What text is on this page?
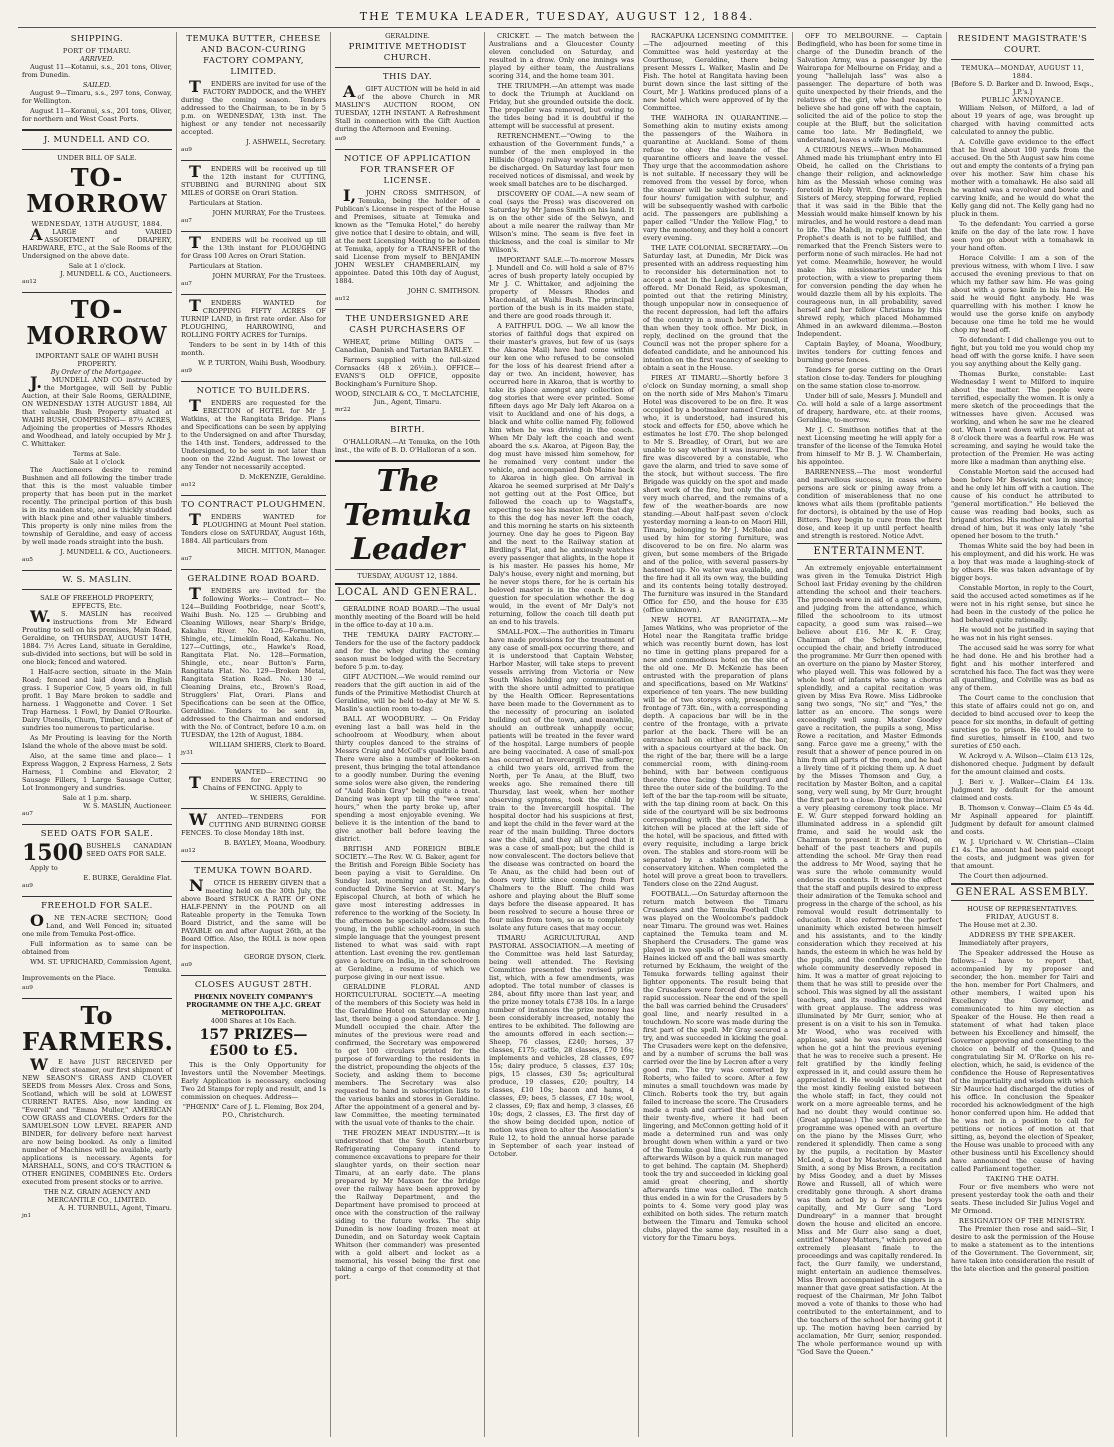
THE TEMUKA LEADER, TUESDAY, AUGUST 12, 1884.
SHIPPING.
PORT OF TIMARU.
ARRIVED.
August 11—Kotanui, s.s., 201 tons, Oliver, from Dunedin.
SAILED.
August 9—Timaru, s.s., 297 tons, Conway, for Wellington.
August 11—Koranui, s.s., 201 tons, Oliver, for northern and West Coast Ports.
J. MUNDELL AND CO.
UNDER BILL OF SALE.
TO-MORROW
WEDNESDAY, 13TH AUGUST, 1884.
ALARGE and VARIED ASSORTMENT of DRAPERY, HARDWARE, ETC., at the Sale Rooms of the Undersigned on the above date.
Sale at 1 o'clock.
J. MUNDELL & CO., Auctioneers.
au12
TO-MORROW
IMPORTANT SALE OF WAIHI BUSH PROPERTY.
By Order of the Mortgagee.
J.MUNDELL AND CO instructed by the Mortgagee, will Sell by Public Auction, at their Sale Rooms, GERALDINE, ON WEDNESDAY 13TH AUGUST 1884, All that valuable Bush Property situated at WAIHI BUSH, COMPRISING— 87½ ACRES, Adjoining the properties of Messrs Rhodes and Woodhead, and lately occupied by Mr J. C. Whittaker.
Terms at Sale.
Sale at 1 o'clock
The Auctioneers desire to remind Bushmen and all following the timber trade that this is the most valuable timber property that has been put in the market recently. The principal portion of this bush is in its maiden state, and is thickly studded with black pine and other valuable timbers. This property is only nine miles from the township of Geraldine, and easy of access by well made roads straight into the bush.
J. MUNDELL & CO., Auctioneers.
au5
W. S. MASLIN.
SALE OF FREEHOLD PROPERTY, EFFECTS, Etc.
W.S. MASLIN has received instructions from Mr Edward Prouting to sell on his premises, Main Road, Geraldine, on THURSDAY, AUGUST 14TH, 1884. 7½ Acres Land, situate in Geraldine, sub-divided into sections, but will be sold in one block; fenced and watered.
1 Half-acre section, situate in the Main Road; fenced and laid down in English grass. 1 Superior Cow, 5 years old, in full profit. 1 Bay Mare broken to saddle and harness. 1 Waggonette and Cover. 1 Set Trap Harness. 1 Fowl, by Daniel O'Rourke. Dairy Utensils, Churn, Timber, and a host of sundries too numerous to particularise.
As Mr Prouting is leaving for the North Island the whole of the above must be sold.
Also, at the same time and place— 1 Express Waggon, 2 Express Harness, 2 Sets Harness, 1 Combine and Elevator, 2 Sausage Fillers, 1 Large Sausage Cutter, Lot Ironmongery and sundries.
Sale at 1 p.m. sharp.
W. S. MASLIN, Auctioneer.
au7
SEED OATS FOR SALE.
1500 BUSHELS CANADIAN SEED OATS FOR SALE.
Apply to
E. BURKE, Geraldine Flat.
au9
FREEHOLD FOR SALE.
ONE TEN-ACRE SECTION; Good Land, and Well Fenced in; situated one mile from Temuka Post-office.
Full information as to same can be obtained from
WM. ST. UPRICHARD, Commission Agent, Temuka.
Improvements on the Place.
au9
To FARMERS.
WE have JUST RECEIVED per direct steamer, our first shipment of NEW SEASON'S GRASS AND CLOVER SEEDS from Messrs Alex. Cross and Sons, Scotland, which will be sold at LOWEST CURRENT RATES. Also, now landing ex "Everell" and "Emma Muller," AMERICAN COW GRASS and CLOVERS. Orders for the SAMUELSON LOW LEVEL REAPER AND BINDER, for delivery before next harvest are now being booked. As only a limited number of Machines will be available, early applications is necessary. Agents for MARSHALL, SONS, and CO'S TRACTION & OTHER ENGINES, COMBINES Etc. Orders executed from present stocks or to arrive.
THE N.Z. GRAIN AGENCY AND MERCANTILE CO., LIMITED.
A. H. TURNBULL, Agent, Timaru.
jn1
TEMUKA BUTTER, CHEESE AND BACON-CURING FACTORY COMPANY, LIMITED.
TENDERS are invited for use of the FACTORY PADDOCK, and the WHEY during the coming season. Tenders addressed to the Chairman, to be in by 5 p.m. on WEDNESDAY, 13th inst. The highest or any tender not necessarily accepted.
J. ASHWELL, Secretary.
au9
TENDERS will be received up till the 12th instant for CUTTING, STUBBING and BURNING about SIX MILES of GORSE on Orari Station.
Particulars at Station.
JOHN MURRAY, For the Trustees.
au7
TENDERS will be received up till the 13th instant for PLOUGHING for Grass 100 Acres on Orari Station.
Particulars at Station.
JOHN MURRAY, For the Trustees.
au7
TENDERS WANTED for CROPPING FIFTY ACRES OF TURNIP LAND, in first rate order. Also for PLOUGHING, HARROWING, and ROLLING FORTY ACRES for Turnips.
Tenders to be sent in by 14th of this month.
W. P. TURTON, Waihi Bush, Woodbury.
au9
NOTICE TO BUILDERS.
TENDERS are requested for the ERECTION of HOTEL for Mr J. Watkins, at the Rangitata Bridge. Plans and Specifications can be seen by applying to the Undersigned on and after Thursday, the 14th inst. Tenders, addressed to the Undersigned, to be sent in not later than noon on the 22nd August. The lowest or any Tender not necessarily accepted.
D. McKENZIE, Geraldine.
au12
TO CONTRACT PLOUGHMEN.
TENDERS WANTED for PLOUGHING at Mount Peel station. Tenders close on SATURDAY, August 16th, 1884. All particulars from
MICH. MITTON, Manager.
au7
GERALDINE ROAD BOARD.
TENDERS are invited for the following Works:— Contract— No. 124—Building Footbridge, near Scott's, Waihi Bush. No. 125 — Grubbing and Cleaning Willows, near Sharp's Bridge, Kakahu River. No. 126—Formation, Shingle, etc., Limekiln Road, Kakahu. No. 127—Cuttings, etc., Hawke's Road, Rangitata Flat. No. 128—Formation, Shingle, etc., near Button's Farm, Rangitata Flat. No. 129—Broken Metal, Rangitata Station Road. No. 130 — Cleaning Drains, etc., Brown's Road, Strugglers' Flat, Orari. Plans and Specifications can be seen at the Office, Geraldine. Tenders to be sent in, addressed to the Chairman and endorsed with the No. of Contract, before 10 a.m. on TUESDAY, the 12th of August, 1884.
WILLIAM SHIERS, Clerk to Board.
jy31
WANTED—
TENDERS for ERECTING 90 Chains of FENCING. Apply to
W. SHIERS, Geraldine.
WANTED—TENDERS FOR CUTTING AND BURNING GORSE FENCES. To close Monday 18th inst.
B. BAYLEY, Moana, Woodbury.
au12
TEMUKA TOWN BOARD.
NOTICE IS HEREBY GIVEN that a meeting held on the 30th July, the above Board STRUCK A RATE OF ONE HALF-PENNY in the POUND on all Rateable property in the Temuka Town Board District, and the same will be PAYABLE on and after August 26th, at the Board Office. Also, the ROLL is now open for inspection.
GEORGE DYSON, Clerk.
au9
CLOSES AUGUST 28TH.
PHŒNIX NOVELTY COMPANY'S PROGRAMME ON THE A.J.C. GREAT METROPOLITAN.
4000 Shares at 10s Each.
157 PRIZES—£500 to £5.
This is the Only Opportunity for Investors until the November Meetings. Early Application is necessary, enclosing Two 2d Stamps for reply and result, and 1s commission on cheques. Address—
"PHŒNIX" Care of J. L. Fleming, Box 204, P.O., Christchurch.
GERALDINE.
PRIMITIVE METHODIST CHURCH.
THIS DAY.
AGIFT AUCTION will be held in aid of the above Church in MR MASLIN'S AUCTION ROOM, ON TUESDAY, 12TH INSTANT. A Refreshment Stall in connection with the Gift Auction during the Afternoon and Evening.
au9
NOTICE OF APPLICATION FOR TRANSFER OF LICENSE.
I,JOHN CROSS SMITHSON, of Temuka, being the holder of a Publican's License in respect of the House and Premises, situate at Temuka and known as the "Temuka Hotel," do hereby give notice that I desire to obtain, and will, at the next Licensing Meeting to be holden at Temuka, apply for a TRANSFER of the said License from myself to BENJAMIN JOHN WESLEY CHAMBERLAIN, my appointee. Dated this 10th day of August, 1884.
JOHN C. SMITHSON.
au12
THE UNDERSIGNED ARE CASH PURCHASERS OF
WHEAT, prime Milling OATS — Canadian, Danish and Tartarian BARLEY.
Farmers supplied with the full-sized Cornsacks (48 x 26½in.). OFFICE—EVANS'S OLD OFFICE, opposite Bockingham's Furniture Shop.
WOOD, SINCLAIR & CO., T. McCLATCHIE, Jun., Agent, Timaru.
mr22
BIRTH.
O'HALLORAN.—At Temuka, on the 10th inst., the wife of B. D. O'Halloran of a son.
The Temuka Leader
TUESDAY, AUGUST 12, 1884.
LOCAL AND GENERAL.
GERALDINE ROAD BOARD.—The usual monthly meeting of the Board will be held in the office to-day at 10 a.m.
THE TEMUKA DAIRY FACTORY.—Tenders for the use of the factory paddock and for the whey during the coming season must be lodged with the Secretary before 5 p.m. to-day.
GIFT AUCTION.—We would remind our readers that the gift auction in aid of the funds of the Primitive Methodist Church at Geraldine, will be held to-day at Mr W. S. Maslin's auction room to-day.
BALL AT WOODBURY. — On Friday evening last a ball was held in the schoolroom at Woodbury, when about thirty couples danced to the strains of Messrs Craig and McColl's quadrille band. There were also a number of lookers-on present, thus bringing the total attendance to a goodly number. During the evening some solos were also given, the rendering of "Auld Robin Gray" being quite a treat. Dancing was kept up till the "wee sma' hours," when the party broke up, after spending a most enjoyable evening. We believe it is the intention of the band to give another ball before leaving the district.
BRITISH AND FOREIGN BIBLE SOCIETY.—The Rev. W. G. Baker, agent for the British and Foreign Bible Society has been paying a visit to Geraldine. On Sunday last, morning and evening, he conducted Divine Service at St. Mary's Episcopal Church, at both of which he gave most interesting addresses in reference to the working of the Society. In the afternoon he specially addressed the young, in the public school-room, in such simple language that the youngest present listened to what was said with rapt attention. Last evening the rev. gentleman gave a lecture on India, in the schoolroom at Geraldine, a resume of which we purpose giving in our next issue.
GERALDINE FLORAL AND HORTICULTURAL SOCIETY.—A meeting of the members of this Society was held in the Geraldine Hotel on Saturday evening last, there being a good attendance. Mr J. Mundell occupied the chair. After the minutes of the previous were read and confirmed, the Secretary was empowered to get 100 circulars printed for the purpose of forwarding to the residents in the district, propounding the objects of the Society, and asking them to become members. The Secretary was also requested to hand in subscription lists to the various banks and stores in Geraldine. After the appointment of a general and by-law Committee, the meeting terminated with the usual vote of thanks to the chair.
THE FROZEN MEAT INDUSTRY.—It is understood that the South Canterbury Refrigerating Company intend to commence excavations to prepare for their slaughter yards, on their section near Timaru, at an early date. The plans prepared by Mr Maxson for the bridge over the railway have been approved by the Railway Department, and the Department have promised to proceed at once with the construction of the railway siding to the future works. The ship Dunedin is now loading frozen meat at Dunedin, and on Saturday week Captain Whitson (her commander) was presented with a gold albert and locket as a memorial, his vessel being the first one taking a cargo of that commodity at that port.
CRICKET. — The match between the Australians and a Gloucester County eleven concluded on Saturday, and resulted in a draw. Only one innings was played by either team, the Australians scoring 314, and the home team 301.
THE TRIUMPH.—An attempt was made to dock the Triumph at Auckland on Friday, but she grounded outside the dock. The propeller was removed, but owing to the tides being bad it is doubtful if the attempt will be successful at present.
RETRENCHMENT.—"Owing to the exhaustion of the Government funds," a number of the men employed in the Hillside (Otago) railway workshops are to be discharged. On Saturday last four men received notices of dismissal, and week by week small batches are to be discharged.
DISCOVERY OF COAL.—A new seam of coal (says the Press) was discovered on Saturday by Mr James Smith on his land. It is on the other side of the Selwyn, and about a mile nearer the railway than Mr Wilson's mine. The seam is five feet in thickness, and the coal is similar to Mr Wilson's.
IMPORTANT SALE.—To-morrow Messrs J. Mundell and Co. will hold a sale of 87½ acres of bush property lately occupied by Mr J. C. Whittaker, and adjoining the property of Messrs Rhodes and Macdonald, at Waihi Bush. The principal portion of the bush is in its maiden state, and there are good roads through it.
A FAITHFUL DOG. — We all know the stories of faithful dogs that expired on their master's graves, but few of us (says the Akaroa Mail) have had come within our ken one who refused to be consoled for the loss of his dearest friend after a day or two. An incident, however, has occurred here in Akaroa, that is worthy to take its place amongst any collection of dog stories that were ever printed. Some fifteen days ago Mr Daly left Akaroa on a visit to Auckland and one of his dogs, a black and white collie named Fly, followed him when he was driving in the coach. When Mr Daly left the coach and went aboard the s.s. Akaroa, at Pigeon Bay, the dog must have missed him somehow, for he remained very content under the vehicle, and accompanied Bob Maine back to Akaroa in high glee. On arrival in Akaroa he seemed surprised at Mr Daly's not getting out at the Post Office, but followed the coach up to Wagstaff's, expecting to see his master. From that day to this the dog has never left the coach, and this morning he starts on his sixteenth journey. One day he goes to Pigeon Bay and the next to the Railway station at Birdling's Flat, and he anxiously watches every passenger that alights, in the hope it is his master. He passes his home, Mr Daly's house, every night and morning, but he never stops there, for he is certain his beloved master is in the coach. It is a question for speculation whether the dog would, in the event of Mr Daly's not returning, follow the coach till death put an end to his travels.
SMALL-POX.—The authorities in Timaru have made provisions for the treatment of any case of small-pox occurring there, and it is understood that Captain Webster, Harbor Master, will take steps to prevent vessels arriving from Victoria or New South Wales holding any communication with the shore until admitted to pratique by the Health Officer. Representations have been made to the Government as to the necessity of procuring an isolated building out of the town, and meanwhile, should an outbreak unhappily occur, patients will be treated in the fever ward of the hospital. Large numbers of people are being vaccinated. A case of small-pox has occurred at Invercargill. The sufferer, a child two years old, arrived from the North, per Te Anau, at the Bluff, two weeks ago. She remained there till Thursday, last week, when her mother observing symptoms, took the child by train to the Invercargill hospital. The hospital doctor had his suspicions at first, and kept the child in the fever ward at the rear of the main building. Three doctors saw the child, and they all agreed that it was a case of small-pox; but the child is now convalescent. The doctors believe that the disease was contracted on board the Te Anau, as the child had been out of doors very little since coming from Port Chalmers to the Bluff. The child was ashore and playing about the Bluff some days before the disease appeared. It has been resolved to secure a house three or four miles from town, so as to completely isolate any future cases that may occur.
TIMARU AGRICULTURAL AND PASTORAL ASSOCIATION.—A meeting of the Committee was held last Saturday, being well attended. The Revising Committee presented the revised prize list, which, with a few amendments, was adopted. The total number of classes is 284, about fifty more than last year, and the prize money totals £738 10s. In a large number of instances the prize money has been considerably increased, notably the entires to be exhibited. The following are the amounts offered in each section:—Sheep, 76 classes, £240; horses, 37 classes, £175; cattle, 28 classes, £70 16s; implements and vehicles, 28 classes, £97 15s; dairy produce, 5 classes, £37 10s; pigs, 15 classes, £30 5s; agricultural produce, 19 classes, £20; poultry, 14 classes, £10 10s; bacon and hams, 4 classes, £9; bees, 5 classes, £7 10s; wool, 2 classes, £9; flax and hemp, 3 classes, £6 10s; dogs, 2 classes, £3. The first day of the show being decided upon, notice of motion was given to alter the Association's Rule 12, to hold the annual horse parade in September of each year instead of October.
RACKAPUKA LICENSING COMMITTEE.—The adjourned meeting of this Committee was held yesterday at the Courthouse, Geraldine, there being present Messrs L. Walker, Maslin and De Fish. The hotel at Rangitata having been burnt down since the last sitting of the Court, Mr J. Watkins produced plans of a new hotel which were approved of by the Committee.
THE WAIHORA IN QUARANTINE.—Something akin to mutiny exists among the passengers of the Waihora in quarantine at Auckland. Some of them refuse to obey the mandate of the quarantine officers and leave the vessel. They urge that the accommodation ashore is not suitable. If necessary they will be removed from the vessel by force, when the steamer will be subjected to twenty-four hours' fumigation with sulphur, and will be subsequently washed with carbolic acid. The passengers are publishing a paper called "Under the Yellow Flag," to vary the monotony, and they hold a concert every evening.
THE LATE COLONIAL SECRETARY.—On Saturday last, at Dunedin, Mr Dick was presented with an address requesting him to reconsider his determination not to accept a seat in the Legislative Council, if offered. Mr Donald Reid, as spokesman, pointed out that the retiring Ministry, though unpopular now in consequence of the recent depression, had left the affairs of the country in a much better position than when they took office. Mr Dick, in reply, declined on the ground that the Council was not the proper sphere for a defeated candidate, and he announced his intention on the first vacancy of seeking to obtain a seat in the House.
FIRES AT TIMARU.—Shortly before 3 o'clock on Sunday morning, a small shop on the north side of Mrs Mahon's Timaru Hotel was discovered to be on fire. It was occupied by a bootmaker named Cranston, who, it is understood, had insured his stock and effects for £50, above which he estimates he lost £70. The shop belonged to Mr S. Breadley, of Orari, but we are unable to say whether it was insured. The fire was discovered by a constable, who gave the alarm, and tried to save some of the stock, but without success. The fire Brigade was quickly on the spot and made short work of the fire, but only the studs, very much charred, and the remains of a few of the weather-boards are now standing.—About half-past seven o'clock yesterday morning a lean-to on Maori Hill, Timaru, belonging to Mr J. McRobie and used by him for storing furniture, was discovered to be on fire. No alarm was given, but some members of the Brigade and of the police, with several passers-by hastened up. No water was available, and the fire had it all its own way, the building and its contents being totally destroyed. The furniture was insured in the Standard Office for £50, and the house for £35 (office unknown).
NEW HOTEL AT RANGITATA.—Mr James Watkins, who was proprietor of the Hotel near the Rangitata traffic bridge which was recently burnt down, has lost no time in getting plans prepared for a new and commodious hotel on the site of the old one. Mr D. McKenzie has been entrusted with the preparation of plans and specifications, based on Mr Watkins' experience of ten years. The new building will be of two storeys only, presenting a frontage of 73ft. 6in., with a corresponding depth. A capacious bar will be in the centre of the frontage, with a private parlor at the back. There will be an entrance hall on either side of the bar, with a spacious courtyard at the back. On the right of the bar, there will be a large commercial room, with dining-room behind, with bar between contiguous thereto three facing the courtyard and three the outer side of the building. To the left of the bar the tap-room will be situate, with the tap dining room at back. On this side of the courtyard will be six bedrooms corresponding with the other side. The kitchen will be placed at the left side of the hotel, will be spacious, and fitted with every requisite, including a large brick oven. The stables and store-room will be separated by a stable room with a conservatory kitchen. When completed the hotel will prove a great boon to travellers. Tenders close on the 22nd August.
FOOTBALL.—On Saturday afternoon the return match between the Timaru Crusaders and the Temuka Football Club was played on the Woolcombe's paddock near Timaru. The ground was wet. Haines captained the Temuka team and M. Shepherd the Crusaders. The game was played in two spells of 40 minutes each. Haines kicked off and the ball was smartly returned by Eckhaum, the weight of the Temuka forwards telling against their lighter opponents. The result being that the Crusaders were forced down twice in rapid succession. Near the end of the spell the ball was carried behind the Crusaders' goal line, and nearly resulted in a touchdown. No score was made during the first part of the spell. Mr Gray secured a try, and was succeeded in kicking the goal. The Crusaders were kept on the defensive, and by a number of scrums the ball was carried over the line by Lecren after a very good run. The try was converted by Roberts, who failed to score. After a few minutes a small touchdown was made by Clinch. Roberts took the try, but again failed to increase the score. The Crusaders made a rush and carried the ball out of their twenty-five, where it had been lingering, and McConnon getting hold of it made a determined run and was only brought down when within a yard or two of the Temuka goal line. A minute or two afterwards Wilson by a quick run managed to get behind. The captain (M. Shepherd) took the try and succeeded in kicking goal amid great cheering, and shortly afterwards time was called. The match thus ended in a win for the Crusaders by 5 points to 4. Some very good play was exhibited on both sides. The return match between the Timaru and Temuka school clubs, played the same day, resulted in a victory for the Timaru boys.
OFF TO MELBOURNE. — Captain Bedingfield, who has been for some time in charge of the Dunedin branch of the Salvation Army, was a passenger by the Wairarapa for Melbourne on Friday, and a young "hallelujah lass" was also a passenger. The departure of both was quite unexpected by their friends, and the relatives of the girl, who had reason to believe she had gone off with the captain, solicited the aid of the police to stop the couple at the Bluff, but the solicitation came too late. Mr Bedingfield, we understand, leaves a wife in Dunedin.
A CURIOUS NEWS.—When Mohammed Ahmed made his triumphant entry into El Obeid, he called on the Christians to change their religion, and acknowledge him as the Messiah whose coming was foretold in Holy Writ. One of the French Sisters of Mercy, stepping forward, replied that it was said in the Bible that the Messiah would make himself known by his miracles, and he would restore a dead man to life. The Mahdi, in reply, said that the Prophet's death is not to be fulfilled, and remarked that the French Sisters were to perform none of such miracles. He had not yet come. Meanwhile, however, he would make his missionaries under his protection, with a view to preparing them for conversion pending the day when he would dazzle them all by his exploits. The courageous nun, in all probability, saved herself and her fellow Christians by this shrewd reply, which placed Mohammed Ahmed in an awkward dilemma.—Boston Independent.
Captain Bayley, of Moana, Woodbury, invites tenders for cutting fences and burning gorse fences.
Tenders for gorse cutting on the Orari station close to-day. Tenders for ploughing on the same station close to-morrow.
Under bill of sale, Messrs J. Mundell and Co. will hold a sale of a large assortment of drapery, hardware, etc. at their rooms, Geraldine, to-morrow.
Mr J. C. Smithson notifies that at the next Licensing meeting he will apply for a transfer of the license of the Temuka Hotel from himself to Mr B. J. W. Chamberlain, his appointee.
BARRENNESS.—The most wonderful and marvellous success, in cases where persons are sick or pining away from a condition of miserableness that no one knows what ails them (profitable patients for doctors), is obtained by the use of Hop Bitters. They begin to cure from the first dose, and keep it up until perfect health and strength is restored. Notice Advt.
ENTERTAINMENT.
An extremely enjoyable entertainment was given in the Temuka District High School last Friday evening by the children attending the school and their teachers. The proceeds were in aid of a gymnasium, and judging from the attendance, which filled the schoolroom to its utmost capacity, a good sum was raised—we believe about £16. Mr K. F. Gray, Chairman of the School Committee, occupied the chair, and briefly introduced the programme. Mr Gurr then opened with an overture on the piano by Master Storey, who played well. This was followed by a whole host of infants who sang a chorus splendidly, and a capital recitation was given by Miss Eva Rowe. Miss Lidbrooke sang two songs, "No sir," and "Yes," the latter as an encore. The songs were exceedingly well sung. Master Goodey gave a recitation, the pupils a song, Miss Rowe a recitation, and Master Edmonds sang. Farce gave me a greeny," with the result that a shower of pence poured in on him from all parts of the room, and he had a lively time of it picking them up. A duet by the Misses Thomson and Guy, a recitation by Master Bolton, and a capital song, very well sung, by Mr Gurr, brought the first part to a close. During the interval a very pleasing ceremony took place. Mr E. W. Gurr stepped forward holding an illuminated address in a splendid gilt frame, and said he would ask the Chairman to present it to Mr Wood, on behalf of the past teachers and pupils attending the school. Mr Gray then read the address to Mr Wood, saying that he was sure the whole community would endorse its contents. It was to the effect that the staff and pupils desired to express their admiration of the Temuka school and progress in the charge of the school, as his removal would result detrimentally to education. It also referred to the perfect unanimity which existed between himself and his assistants, and to the kindly consideration which they received at his hands, the esteem in which he was held by the pupils, and the confidence which the whole community deservedly reposed in him. It was a matter of great rejoicing to them that he was still to preside over the school. This was signed by all the assistant teachers, and its reading was received with great applause. The address was illuminated by Mr Gurr, senior, who at present is on a visit to his son in Temuka. Mr Wood, who was received with applause, said he was much surprised when he got a hint the previous evening that he was to receive such a present. He felt gratified by the kindly feeling expressed in it, and could assure them he appreciated it. He would like to say that the most kindly feeling existed between the whole staff; in fact, they could not work on a more agreeable terms, and he had no doubt they would continue so. (Great applause.) The second part of the programme was opened with an overture on the piano by the Misses Gurr, who rendered it splendidly. Then came a song by the pupils, a recitation by Master McLeod, a duet by Masters Edmonds and Smith, a song by Miss Brown, a recitation by Miss Goodey, and a duet by Misses Rowe and Russell, all of which were creditably gone through. A short drama was then acted by a few of the boys capitally, and Mr Gurr sang "Lord Dundreary" in a manner that brought down the house and elicited an encore. Miss and Mr Gurr also sang a duet, entitled "Money Matters," which proved an extremely pleasant finale to the proceedings and was capitally rendered. In fact, the Gurr family, we understand, might entertain an audience themselves. Miss Brown accompanied the singers in a manner that gave great satisfaction. At the request of the Chairman, Mr John Talbot moved a vote of thanks to those who had contributed to the entertainment, and to the teachers of the school for having got it up. The motion having been carried by acclamation, Mr Gurr, senior, responded. The whole performance wound up with "God Save the Queen."
RESIDENT MAGISTRATE'S COURT.
TEMUKA—MONDAY, AUGUST 11, 1884.
[Before S. D. Barker and D. Inwood, Esqs., J.P.'s.]
PUBLIC ANNOYANCE.
William Nelson, of Milford, a lad of about 19 years of age, was brought up charged with having committed acts calculated to annoy the public.
A. Colville gave evidence to the effect that he lived about 100 yards from the accused. On the 5th August saw him come out and empty the contents of a frying pan over his mother. Saw him chase his mother with a tomahawk. He also said all he wanted was a revolver and bowie and carving knife, and he would do what the Kelly gang did not. The Kelly gang had no pluck in them.
To the defendant: You carried a gorse knife on the day of the late row. I have seen you go about with a tomahawk in your hand often.
Horace Colville: I am a son of the previous witness, with whom I live. I saw accused the evening previous to that on which my father saw him. He was going about with a gorse knife in his hand. He said he would fight anybody. He was quarrelling with his mother. I know he would use the gorse knife on anybody because one time he told me he would chop my head off.
To defendant: I did challenge you out to fight, but you told me you would chop my head off with the gorse knife. I have seen you say anything about the Kelly gang.
Thomas Burke, constable: Last Wednesday I went to Milford to inquire about the matter. The people were terrified, especially the women. It is only a mere sketch of the proceedings that the witnesses have given. Accused was working, and when he saw me he cleared out. When I went down with a warrant at 8 o'clock there was a fearful row. He was screaming, and saying he would take the protection of the Premier. He was acting more like a madman than anything else.
Constable Morton said the accused had been before Mr Beswick not long since; and he only let him off with a caution. The cause of his conduct he attributed to "general mortification." He believed the cause was reading bad books, such as brigand stories. His mother was in mortal dread of him, but it was only lately "she opened her bosom to the truth."
Thomas White said the boy had been in his employment, and did his work. He was a boy that was made a laughing-stock of by others. He was taken advantage of by bigger boys.
Constable Morton, in reply to the Court, said the accused acted sometimes as if he were not in his right sense, but since he had been in the custody of the police he had behaved quite rationally.
He would not be justified in saying that he was not in his right senses.
The accused said he was sorry for what he had done. He and his brother had a fight and his mother interfered and scratched his face. The fact was they were all quarelling, and Colville was as bad as any of them.
The Court came to the conclusion that this state of affairs could not go on, and decided to bind accused over to keep the peace for six months, in default of getting sureties go to prison. He would have to find sureties, himself in £100, and two sureties of £50 each.
W. Ackroyd v. A. Wilson—Claim £13 12s, dishonored cheque. Judgment by default for the amount claimed and costs.
J. Beri v. J. Walker—Claim £4 13s. Judgment by default for the amount claimed and costs.
B. Thomson v. Conway—Claim £5 4s 4d. Mr Aspinall appeared for plaintiff. Judgment by default for amount claimed and costs.
W. J. Uprichard v. W. Christian—Claim £1 4s. The amount had been paid except the costs, and judgment was given for that amount.
The Court then adjourned.
GENERAL ASSEMBLY.
HOUSE OF REPRESENTATIVES.
FRIDAY, AUGUST 8.
The House met at 2.30.
ADDRESS BY THE SPEAKER.
Immediately after prayers,
The Speaker addressed the House as follows:—I have to report that, accompanied by my proposer and seconder, the hon. member for Tairi and the hon. member for Port Chalmers, and other members, I waited upon his Excellency the Governor, and communicated to him my election as Speaker of the House. He then read a statement of what had taken place between his Excellency and himself, the Governor approving and consenting to the choice on behalf of the Queen, and congratulating Sir M. O'Rorke on his re-election, which, he said, is evidence of the confidence the House of Representatives of the impartiality and wisdom with which Sir Maurice had discharged the duties of his office. In conclusion the Speaker recorded his acknowledgment of the high honor conferred upon him. He added that he was not in a position to call for petitions or notices of motion at that sitting, as, beyond the election of Speaker, the House was unable to proceed with any other business until his Excellency should have announced the cause of having called Parliament together.
TAKING THE OATH.
Four or five members who were not present yesterday took the oath and their seats. These included Sir Julius Vogel and Mr Ormond.
RESIGNATION OF THE MINISTRY.
The Premier then rose and said—Sir, I desire to ask the permission of the House to make a statement as to the intentions of the Government. The Government, sir, have taken into consideration the result of the late election and the general position
